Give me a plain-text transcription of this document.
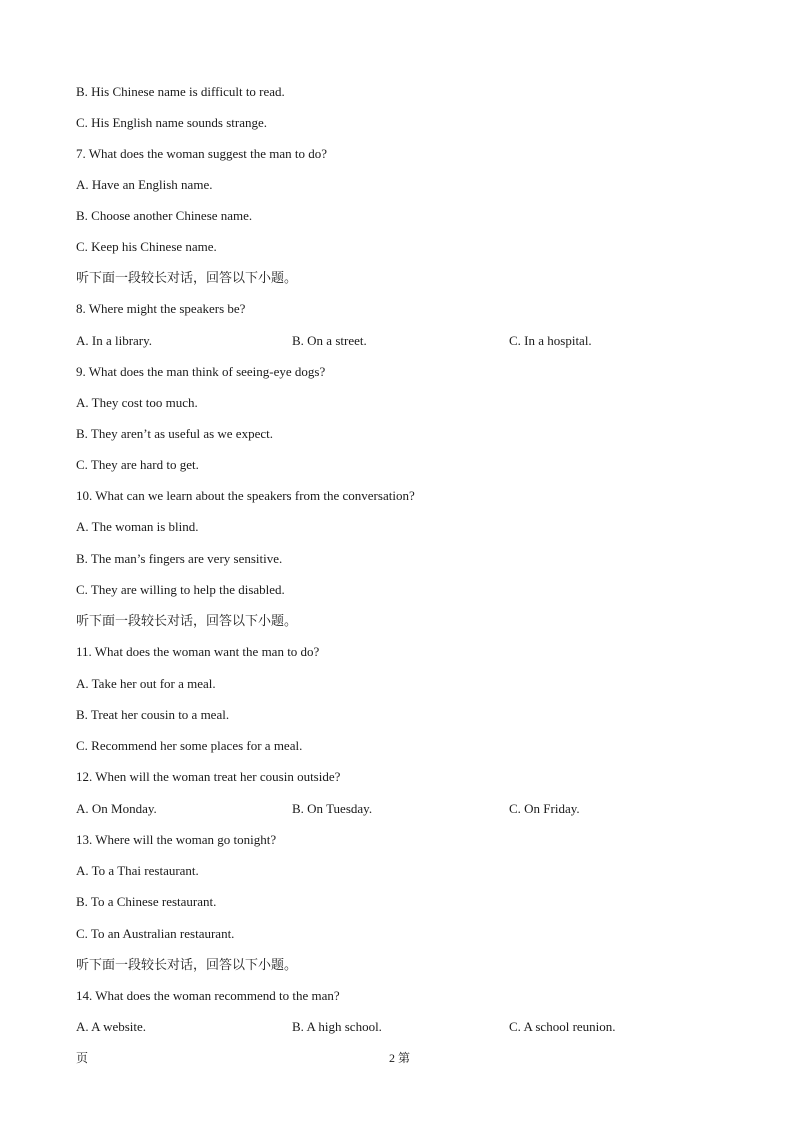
B. His Chinese name is difficult to read.
C. His English name sounds strange.
7. What does the woman suggest the man to do?
A. Have an English name.
B. Choose another Chinese name.
C. Keep his Chinese name.
听下面一段较长对话，回答以下小题。
8. Where might the speakers be?
A. In a library.	B. On a street.	C. In a hospital.
9. What does the man think of seeing-eye dogs?
A. They cost too much.
B. They aren’t as useful as we expect.
C. They are hard to get.
10. What can we learn about the speakers from the conversation?
A. The woman is blind.
B. The man’s fingers are very sensitive.
C. They are willing to help the disabled.
听下面一段较长对话，回答以下小题。
11. What does the woman want the man to do?
A. Take her out for a meal.
B. Treat her cousin to a meal.
C. Recommend her some places for a meal.
12. When will the woman treat her cousin outside?
A. On Monday.	B. On Tuesday.	C. On Friday.
13. Where will the woman go tonight?
A. To a Thai restaurant.
B. To a Chinese restaurant.
C. To an Australian restaurant.
听下面一段较长对话，回答以下小题。
14. What does the woman recommend to the man?
A. A website.	B. A high school.	C. A school reunion.
页	2 第
